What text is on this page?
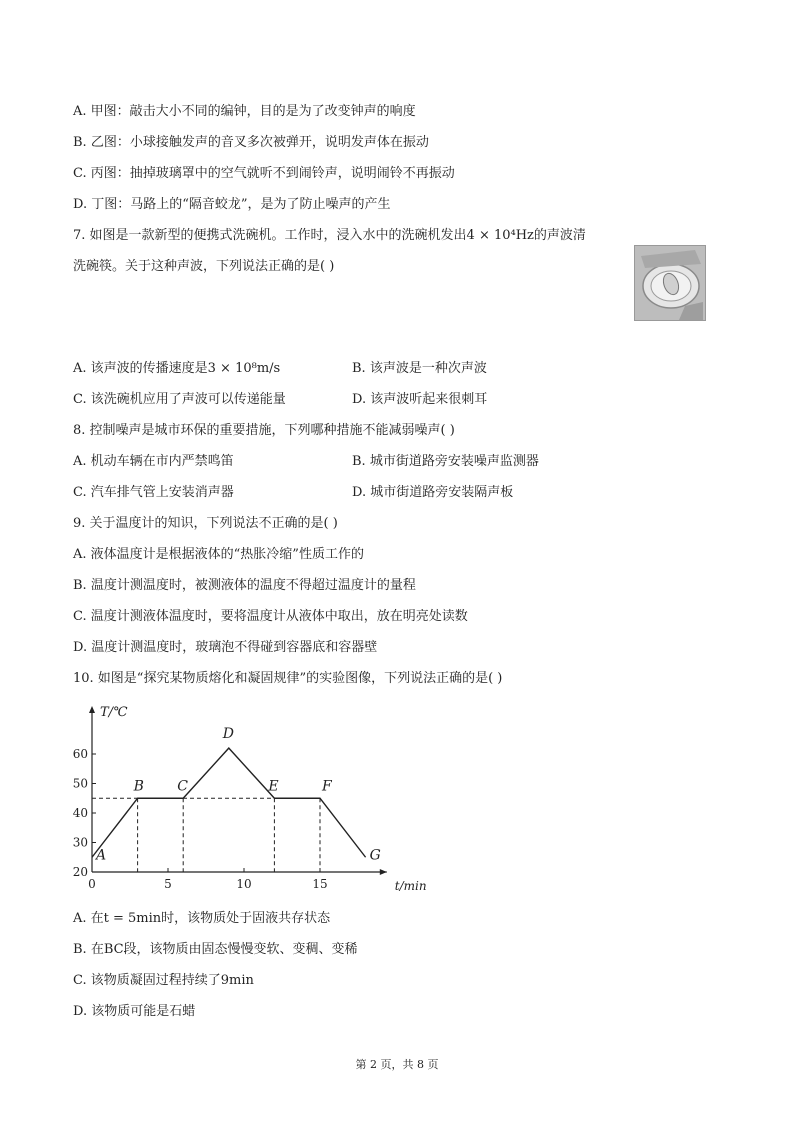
A. 甲图：敲击大小不同的编钟，目的是为了改变钟声的响度
B. 乙图：小球接触发声的音叉多次被弹开，说明发声体在振动
C. 丙图：抽掉玻璃罩中的空气就听不到闹铃声，说明闹铃不再振动
D. 丁图：马路上的“隔音蛟龙”，是为了防止噪声的产生
7. 如图是一款新型的便携式洗碗机。工作时，浸入水中的洗碗机发出4 × 10⁴Hz的声波清
洗碗筷。关于这种声波，下列说法正确的是( )
A. 该声波的传播速度是3 × 10⁸m/s	B. 该声波是一种次声波
C. 该洗碗机应用了声波可以传递能量	D. 该声波听起来很刺耳
8. 控制噪声是城市环保的重要措施，下列哪种措施不能减弱噪声( )
A. 机动车辆在市内严禁鸣笛	B. 城市街道路旁安装噪声监测器
C. 汽车排气管上安装消声器	D. 城市街道路旁安装隔声板
9. 关于温度计的知识，下列说法不正确的是( )
A. 液体温度计是根据液体的“热胀冷缩”性质工作的
B. 温度计测温度时，被测液体的温度不得超过温度计的量程
C. 温度计测液体温度时，要将温度计从液体中取出，放在明亮处读数
D. 温度计测温度时，玻璃泡不得碰到容器底和容器壁
10. 如图是“探究某物质熔化和凝固规律”的实验图像，下列说法正确的是( )
T/℃
t/min
20
30
40
50
60
0	5	10	15
A
B C
D
E	F
G
A. 在t = 5min时，该物质处于固液共存状态
B. 在BC段，该物质由固态慢慢变软、变稠、变稀
C. 该物质凝固过程持续了9min
D. 该物质可能是石蜡
第 2 页，共 8 页
